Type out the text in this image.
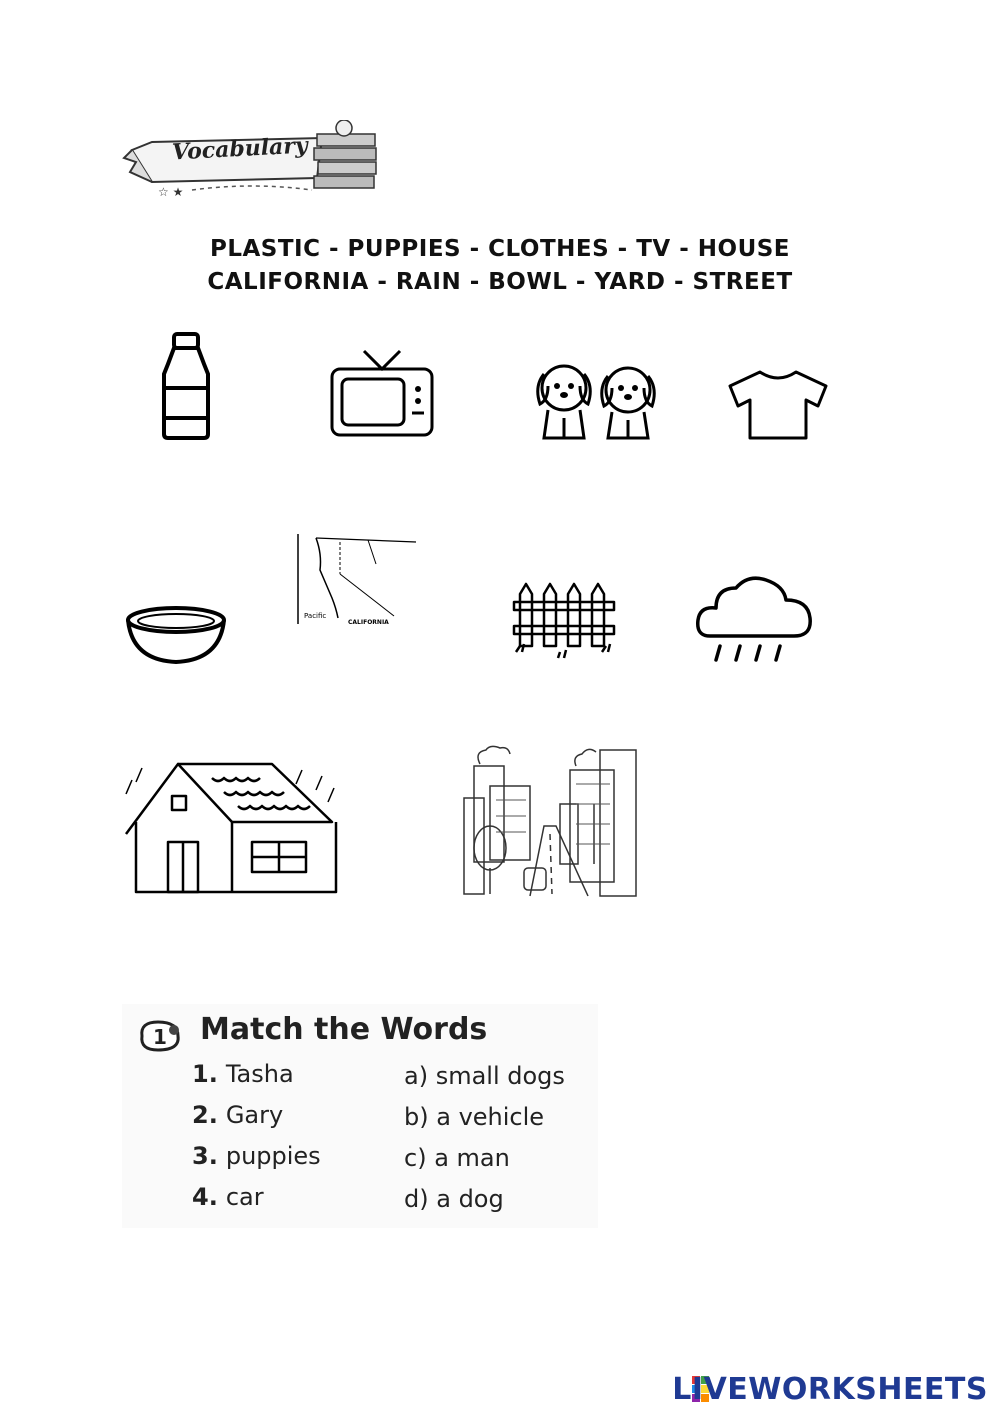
☆ ★
Vocabulary
PLASTIC - PUPPIES - CLOTHES - TV - HOUSE
CALIFORNIA - RAIN - BOWL - YARD - STREET
Pacific
CALIFORNIA
1 Match the Words
1. Tasha
2. Gary
3. puppies
4. car
a) small dogs
b) a vehicle
c) a man
d) a dog
LIVEWORKSHEETS
